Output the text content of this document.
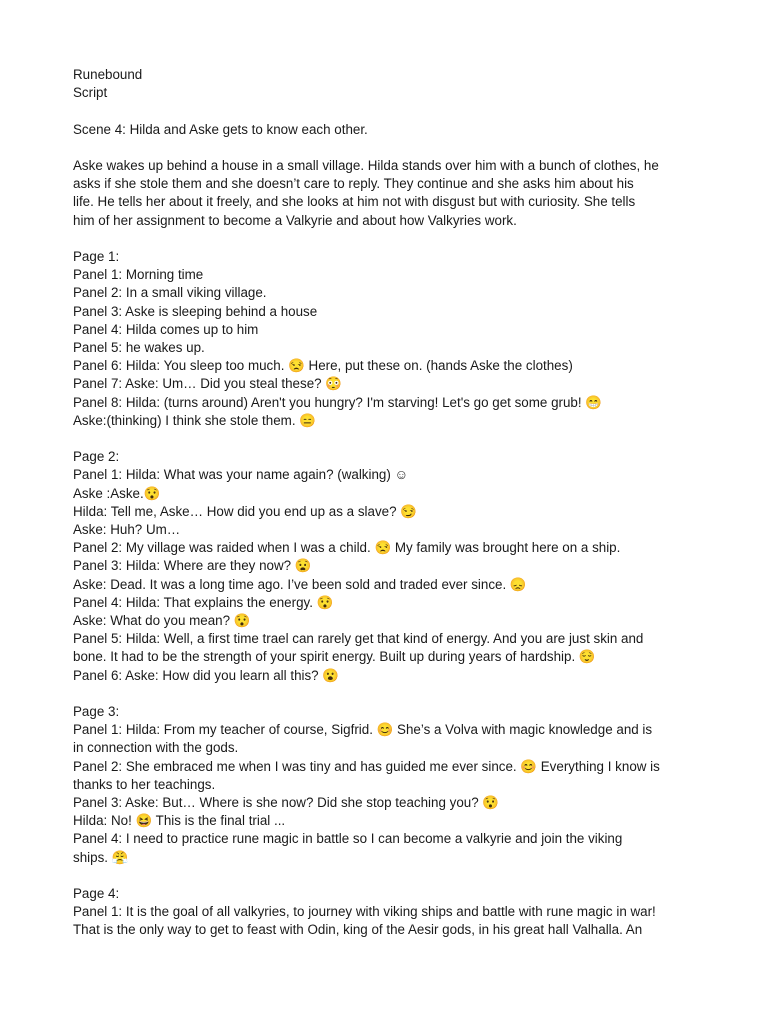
Runebound
Script
Scene 4: Hilda and Aske gets to know each other.
Aske wakes up behind a house in a small village. Hilda stands over him with a bunch of clothes, he
asks if she stole them and she doesn’t care to reply. They continue and she asks him about his
life. He tells her about it freely, and she looks at him not with disgust but with curiosity. She tells
him of her assignment to become a Valkyrie and about how Valkyries work.
Page 1:
Panel 1: Morning time
Panel 2: In a small viking village.
Panel 3: Aske is sleeping behind a house
Panel 4: Hilda comes up to him
Panel 5: he wakes up.
Panel 6: Hilda: You sleep too much. 😒 Here, put these on. (hands Aske the clothes)
Panel 7: Aske: Um… Did you steal these? 😳
Panel 8: Hilda: (turns around) Aren't you hungry? I'm starving! Let's go get some grub! 😁
Aske:(thinking) I think she stole them. 😑
Page 2:
Panel 1: Hilda: What was your name again? (walking) ☺
Aske :Aske.😯
Hilda: Tell me, Aske… How did you end up as a slave? 😏
Aske: Huh? Um…
Panel 2: My village was raided when I was a child. 😒 My family was brought here on a ship.
Panel 3: Hilda: Where are they now? 😧
Aske: Dead. It was a long time ago. I’ve been sold and traded ever since. 😞
Panel 4: Hilda: That explains the energy. 😯
Aske: What do you mean? 😯
Panel 5: Hilda: Well, a first time trael can rarely get that kind of energy. And you are just skin and
bone. It had to be the strength of your spirit energy. Built up during years of hardship. 😌
Panel 6: Aske: How did you learn all this? 😮
Page 3:
Panel 1: Hilda: From my teacher of course, Sigfrid. 😊 She’s a Volva with magic knowledge and is
in connection with the gods.
Panel 2: She embraced me when I was tiny and has guided me ever since. 😊 Everything I know is
thanks to her teachings.
Panel 3: Aske: But… Where is she now? Did she stop teaching you? 😯
Hilda: No! 😆 This is the final trial ...
Panel 4: I need to practice rune magic in battle so I can become a valkyrie and join the viking
ships. 😤
Page 4:
Panel 1: It is the goal of all valkyries, to journey with viking ships and battle with rune magic in war!
That is the only way to get to feast with Odin, king of the Aesir gods, in his great hall Valhalla. An
